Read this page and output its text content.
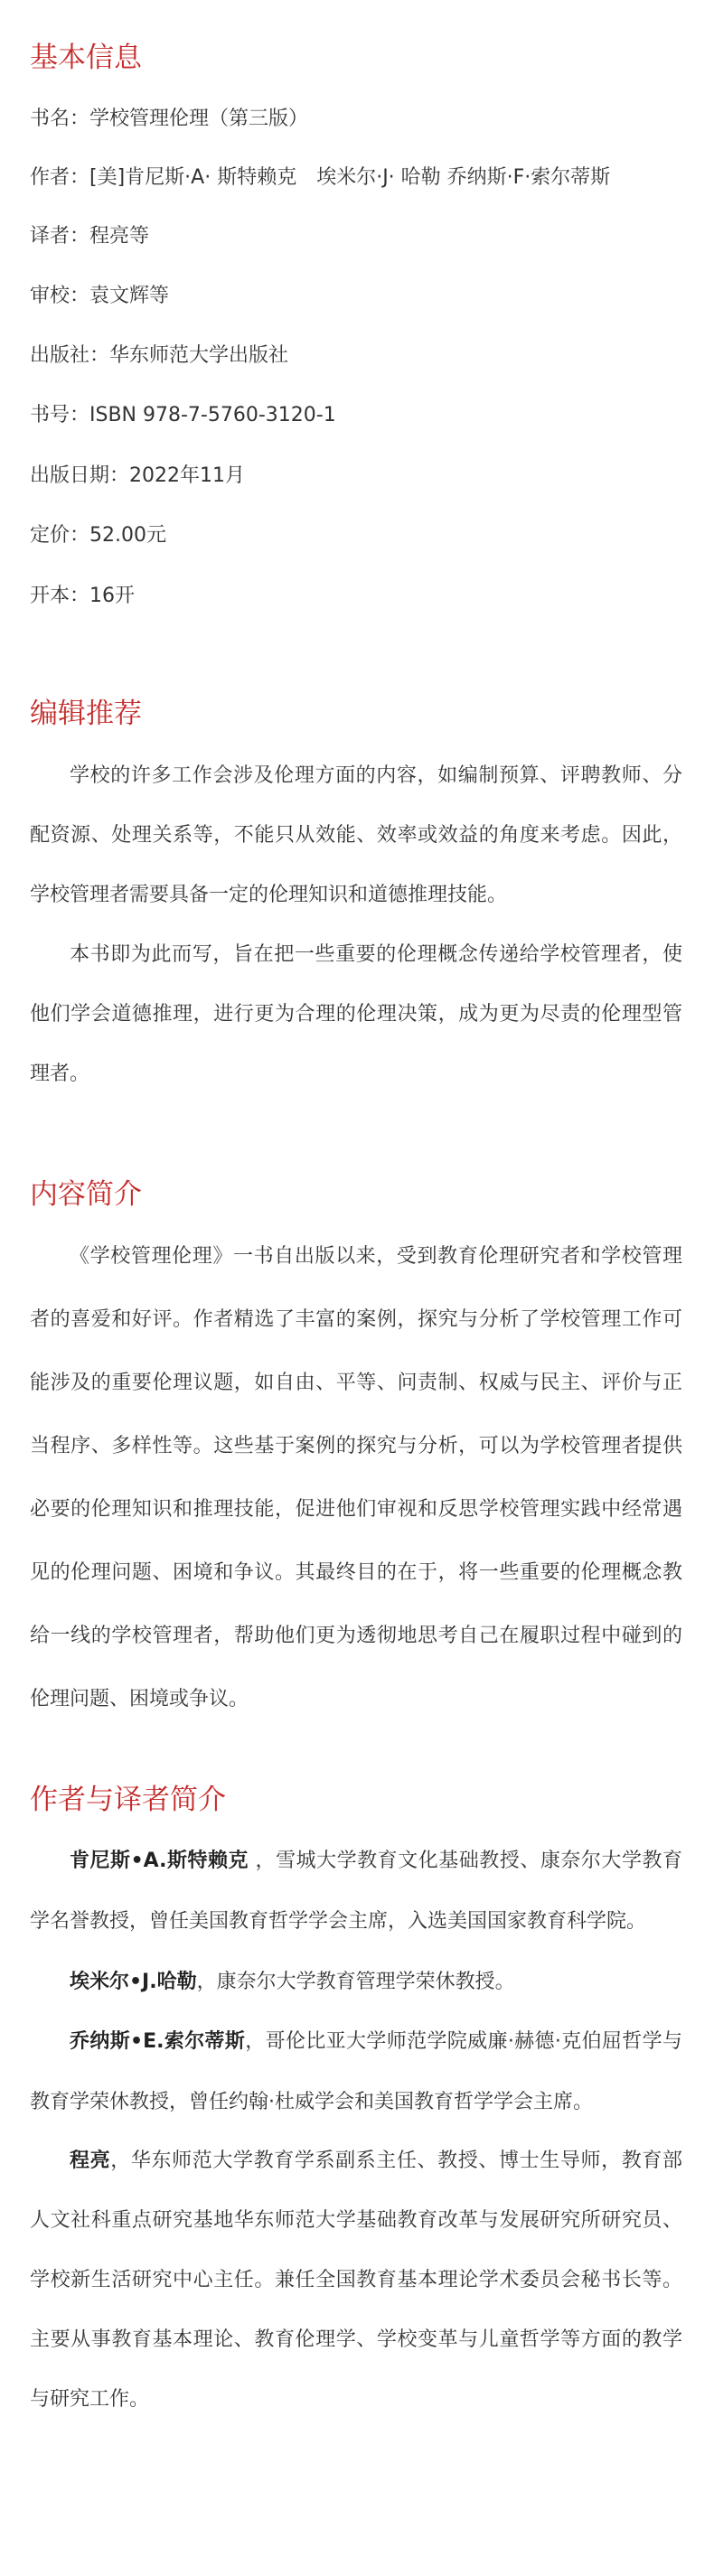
基本信息

书名：学校管理伦理（第三版）

作者：[美]肯尼斯·A· 斯特赖克　埃米尔·J· 哈勒 乔纳斯·F·索尔蒂斯

译者：程亮等

审校：袁文辉等

出版社：华东师范大学出版社

书号：ISBN 978-7-5760-3120-1

出版日期：2022年11月

定价：52.00元

开本：16开

编辑推荐

学校的许多工作会涉及伦理方面的内容，如编制预算、评聘教师、分配资源、处理关系等，不能只从效能、效率或效益的角度来考虑。因此，学校管理者需要具备一定的伦理知识和道德推理技能。

本书即为此而写，旨在把一些重要的伦理概念传递给学校管理者，使他们学会道德推理，进行更为合理的伦理决策，成为更为尽责的伦理型管理者。

内容简介

《学校管理伦理》一书自出版以来，受到教育伦理研究者和学校管理者的喜爱和好评。作者精选了丰富的案例，探究与分析了学校管理工作可能涉及的重要伦理议题，如自由、平等、问责制、权威与民主、评价与正当程序、多样性等。这些基于案例的探究与分析，可以为学校管理者提供必要的伦理知识和推理技能，促进他们审视和反思学校管理实践中经常遇见的伦理问题、困境和争议。其最终目的在于，将一些重要的伦理概念教给一线的学校管理者，帮助他们更为透彻地思考自己在履职过程中碰到的伦理问题、困境或争议。

作者与译者简介

肯尼斯•A.斯特赖克 ，雪城大学教育文化基础教授、康奈尔大学教育学名誉教授，曾任美国教育哲学学会主席，入选美国国家教育科学院。

埃米尔•J.哈勒，康奈尔大学教育管理学荣休教授。

乔纳斯•E.索尔蒂斯，哥伦比亚大学师范学院威廉·赫德·克伯屈哲学与教育学荣休教授，曾任约翰·杜威学会和美国教育哲学学会主席。

程亮，华东师范大学教育学系副系主任、教授、博士生导师，教育部人文社科重点研究基地华东师范大学基础教育改革与发展研究所研究员、学校新生活研究中心主任。兼任全国教育基本理论学术委员会秘书长等。主要从事教育基本理论、教育伦理学、学校变革与儿童哲学等方面的教学与研究工作。
